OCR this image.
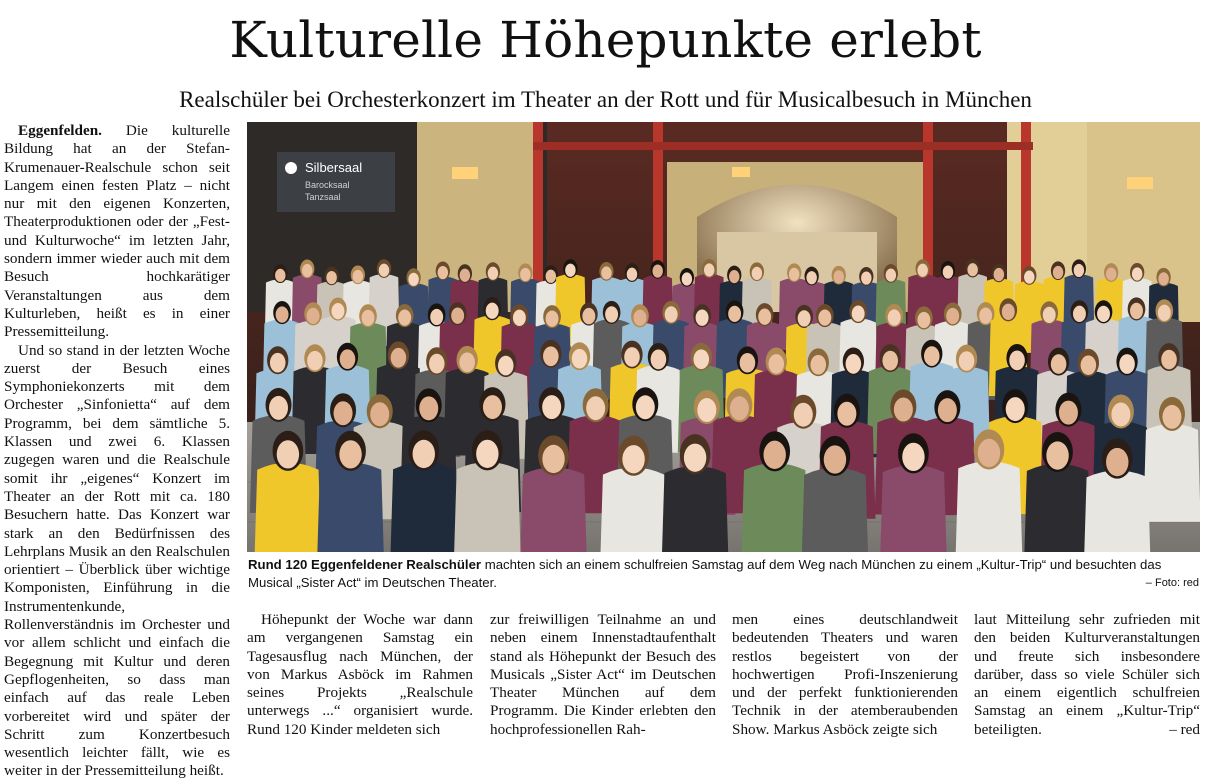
Kulturelle Höhepunkte erlebt
Realschüler bei Orchesterkonzert im Theater an der Rott und für Musicalbesuch in München

Eggenfelden. Die kulturelle Bildung hat an der Stefan-Krumenauer-Realschule schon seit Langem einen festen Platz – nicht nur mit den eigenen Konzerten, Theaterproduktionen oder der „Fest- und Kulturwoche“ im letzten Jahr, sondern immer wieder auch mit dem Besuch hochkarätiger Veranstaltungen aus dem Kulturleben, heißt es in einer Pressemitteilung.

Und so stand in der letzten Woche zuerst der Besuch eines Symphoniekonzerts mit dem Orchester „Sinfonietta“ auf dem Programm, bei dem sämtliche 5. Klassen und zwei 6. Klassen zugegen waren und die Realschule somit ihr „eigenes“ Konzert im Theater an der Rott mit ca. 180 Besuchern hatte. Das Konzert war stark an den Bedürfnissen des Lehrplans Musik an den Realschulen orientiert – Überblick über wichtige Komponisten, Einführung in die Instrumentenkunde, Rollenverständnis im Orchester und vor allem schlicht und einfach die Begegnung mit Kultur und deren Gepflogenheiten, so dass man einfach auf das reale Leben vorbereitet wird und später der Schritt zum Konzertbesuch wesentlich leichter fällt, wie es weiter in der Pressemitteilung heißt.

Silbersaal
Barocksaal
Tanzsaal
Rund 120 Eggenfeldener Realschüler machten sich an einem schulfreien Samstag auf dem Weg nach München zu einem „Kultur-Trip“ und besuchten das Musical „Sister Act“ im Deutschen Theater.	– Foto: red

Höhepunkt der Woche war dann am vergangenen Samstag ein Tagesausflug nach München, der von Markus Asböck im Rahmen seines Projekts „Realschule unterwegs ...“ organisiert wurde. Rund 120 Kinder meldeten sich

zur freiwilligen Teilnahme an und neben einem Innenstadtaufenthalt stand als Höhepunkt der Besuch des Musicals „Sister Act“ im Deutschen Theater München auf dem Programm. Die Kinder erlebten den hochprofessionellen Rah-

men eines deutschlandweit bedeutenden Theaters und waren restlos begeistert von der hochwertigen Profi-Inszenierung und der perfekt funktionierenden Technik in der atemberaubenden Show. Markus Asböck zeigte sich

laut Mitteilung sehr zufrieden mit den beiden Kulturveranstaltungen und freute sich insbesondere darüber, dass so viele Schüler sich an einem eigentlich schulfreien Samstag an einem „Kultur-Trip“ beteiligten.	– red
